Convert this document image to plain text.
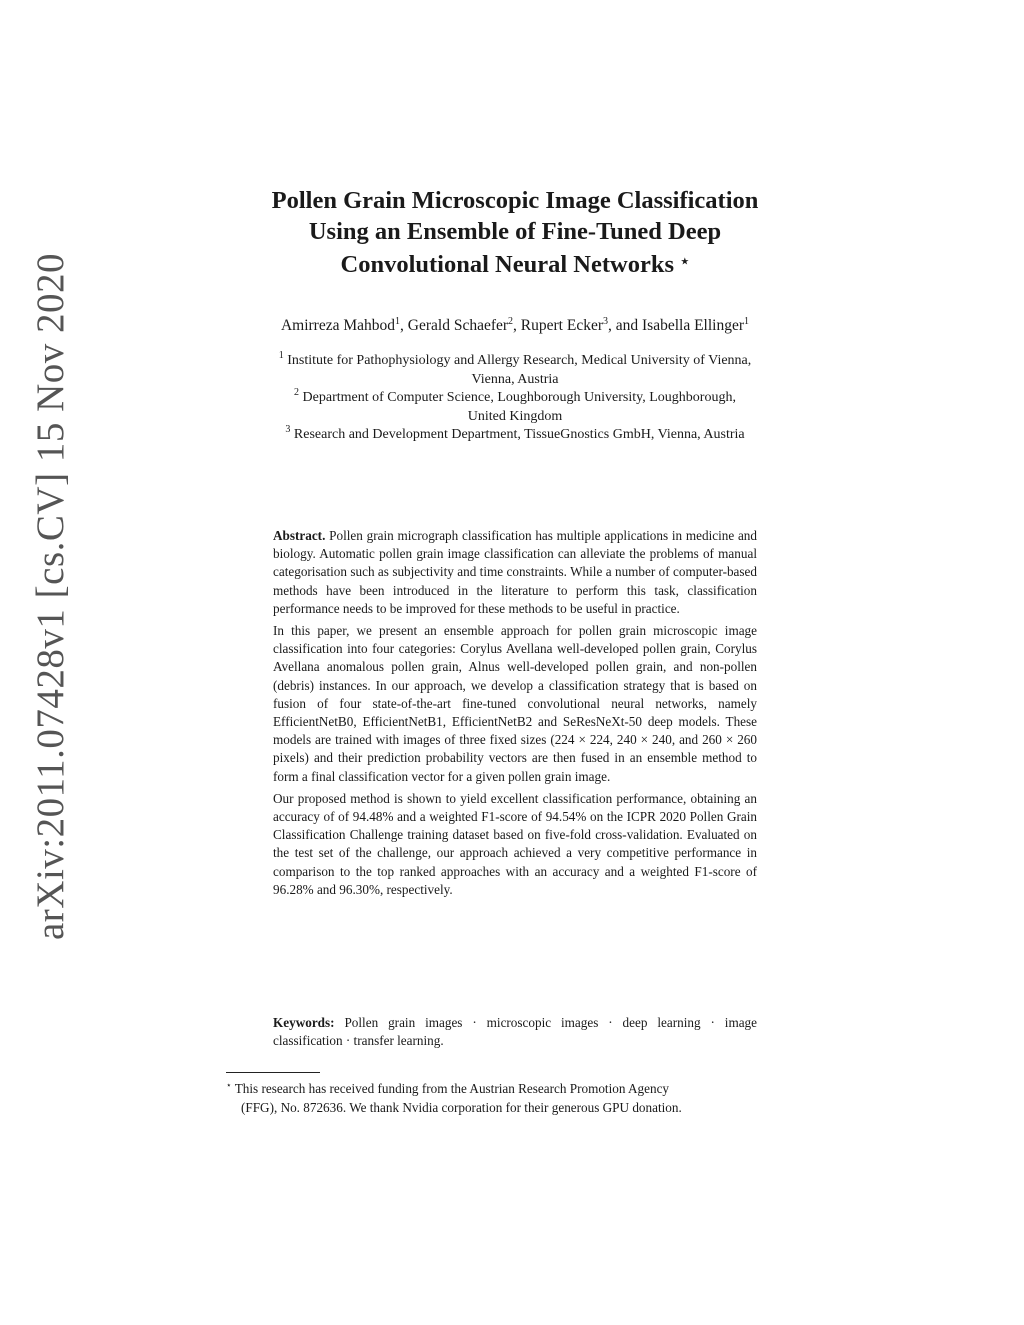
arXiv:2011.07428v1 [cs.CV] 15 Nov 2020
Pollen Grain Microscopic Image Classification
Using an Ensemble of Fine-Tuned Deep
Convolutional Neural Networks ⋆
Amirreza Mahbod$^1$, Gerald Schaefer$^2$, Rupert Ecker$^3$, and Isabella Ellinger$^1$
$^1$ Institute for Pathophysiology and Allergy Research, Medical University of Vienna,
Vienna, Austria
$^2$ Department of Computer Science, Loughborough University, Loughborough,
United Kingdom
$^3$ Research and Development Department, TissueGnostics GmbH, Vienna, Austria

Abstract. Pollen grain micrograph classification has multiple applications in medicine and biology. Automatic pollen grain image classification can alleviate the problems of manual categorisation such as subjectivity and time constraints. While a number of computer-based methods have been introduced in the literature to perform this task, classification performance needs to be improved for these methods to be useful in practice.

In this paper, we present an ensemble approach for pollen grain microscopic image classification into four categories: Corylus Avellana well-developed pollen grain, Corylus Avellana anomalous pollen grain, Alnus well-developed pollen grain, and non-pollen (debris) instances. In our approach, we develop a classification strategy that is based on fusion of four state-of-the-art fine-tuned convolutional neural networks, namely EfficientNetB0, EfficientNetB1, EfficientNetB2 and SeResNeXt-50 deep models. These models are trained with images of three fixed sizes (224 × 224, 240 × 240, and 260 × 260 pixels) and their prediction probability vectors are then fused in an ensemble method to form a final classification vector for a given pollen grain image.

Our proposed method is shown to yield excellent classification performance, obtaining an accuracy of of 94.48% and a weighted F1-score of 94.54% on the ICPR 2020 Pollen Grain Classification Challenge training dataset based on five-fold cross-validation. Evaluated on the test set of the challenge, our approach achieved a very competitive performance in comparison to the top ranked approaches with an accuracy and a weighted F1-score of 96.28% and 96.30%, respectively.

Keywords: Pollen grain images · microscopic images · deep learning · image classification · transfer learning.
⋆ This research has received funding from the Austrian Research Promotion Agency
(FFG), No. 872636. We thank Nvidia corporation for their generous GPU donation.
